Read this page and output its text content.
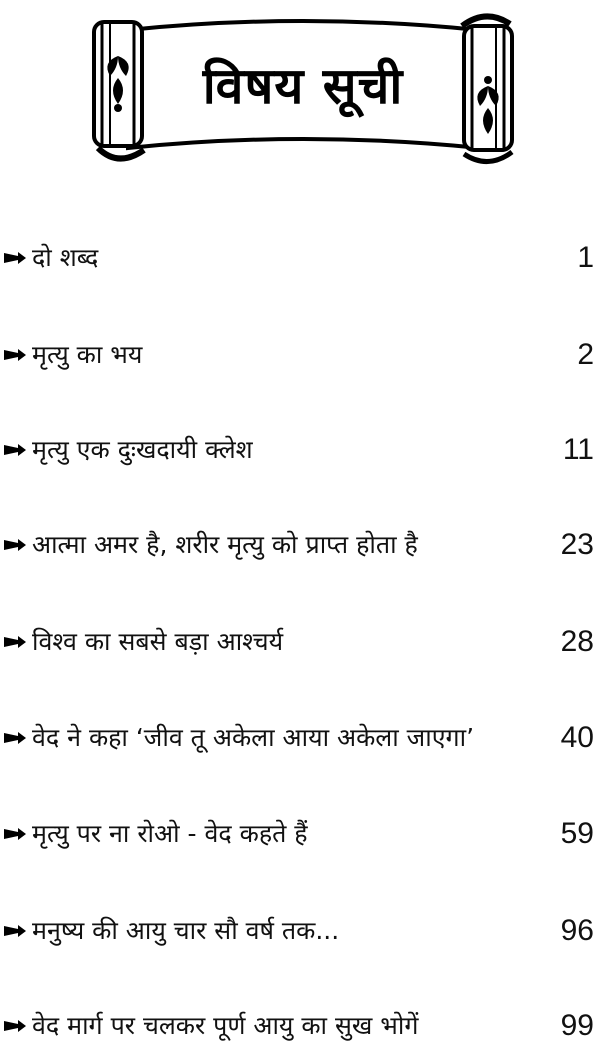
विषय सूची
दो शब्द	1
मृत्यु का भय	2
मृत्यु एक दुःखदायी क्लेश	11
आत्मा अमर है, शरीर मृत्यु को प्राप्त होता है	23
विश्व का सबसे बड़ा आश्चर्य	28
वेद ने कहा ‘जीव तू अकेला आया अकेला जाएगा’	40
मृत्यु पर ना रोओ - वेद कहते हैं	59
मनुष्य की आयु चार सौ वर्ष तक...	96
वेद मार्ग पर चलकर पूर्ण आयु का सुख भोगें	99
